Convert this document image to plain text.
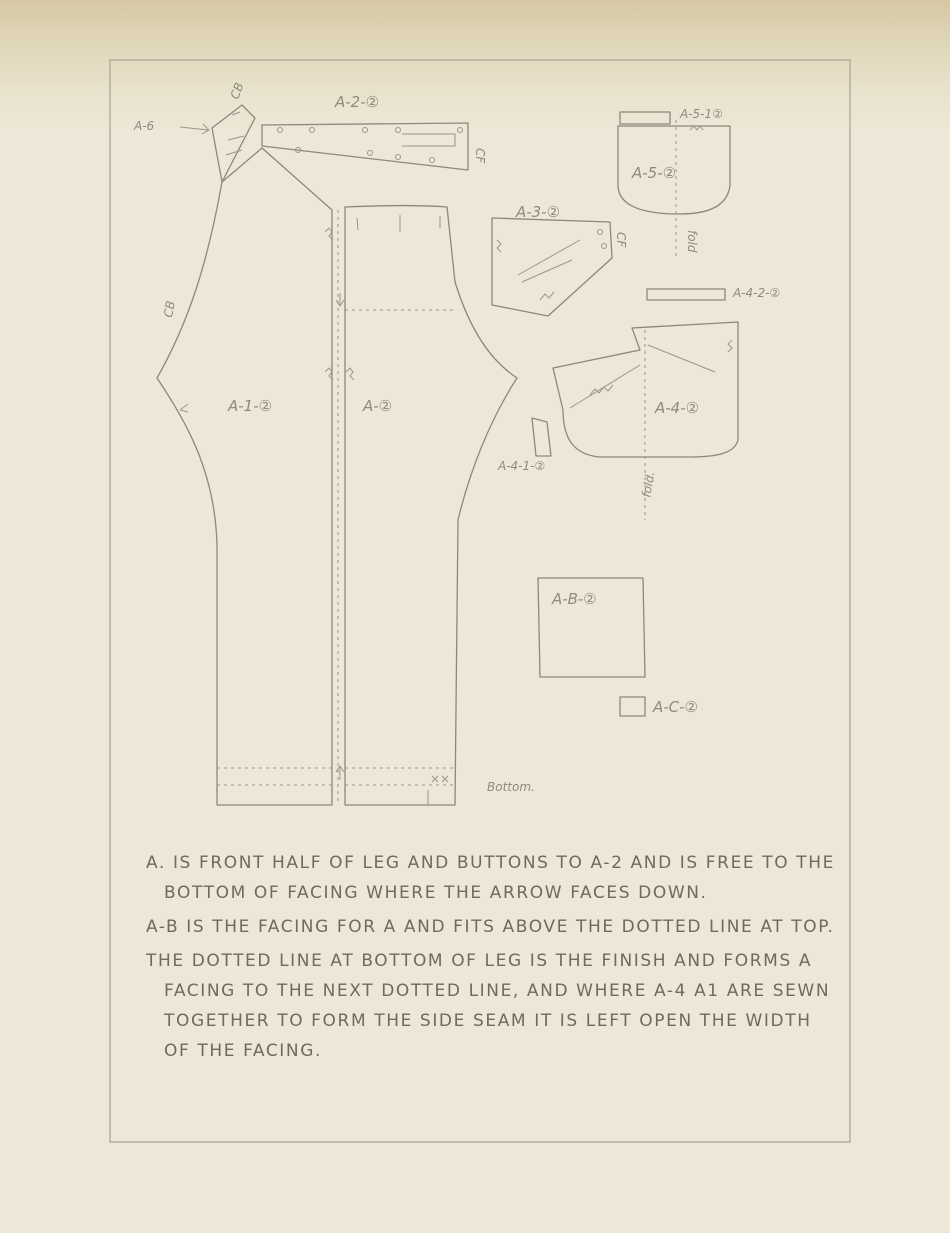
A-6
CB
A-2-②
CF
A-1-②
CB
A-②
Bottom.
A-3-②
CF
A-5-1②
A-5-②
fold
A-4-2-②
A-4-②
fold.
A-4-1-②
A-B-②
A-C-②

A. IS FRONT HALF OF LEG AND BUTTONS TO A-2 AND IS FREE TO THE BOTTOM OF FACING WHERE THE ARROW FACES DOWN.

A-B IS THE FACING FOR A AND FITS ABOVE THE DOTTED LINE AT TOP.

THE DOTTED LINE AT BOTTOM OF LEG IS THE FINISH AND FORMS A FACING TO THE NEXT DOTTED LINE, AND WHERE A-4 A1 ARE SEWN TOGETHER TO FORM THE SIDE SEAM IT IS LEFT OPEN THE WIDTH OF THE FACING.
